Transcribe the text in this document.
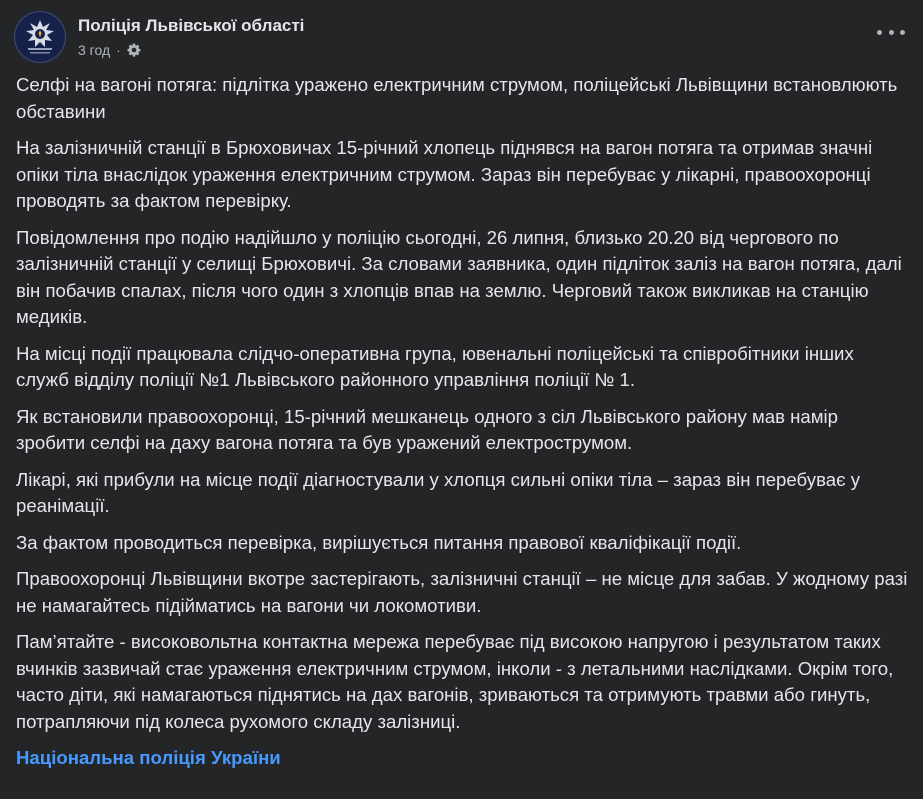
Поліція Львівської області
3 год ·

Селфі на вагоні потяга: підлітка уражено електричним струмом, поліцейські Львівщини встановлюють обставини

На залізничній станції в Брюховичах 15-річний хлопець піднявся на вагон потяга та отримав значні опіки тіла внаслідок ураження електричним струмом. Зараз він перебуває у лікарні, правоохоронці проводять за фактом перевірку.

Повідомлення про подію надійшло у поліцію сьогодні, 26 липня, близько 20.20 від чергового по залізничній станції у селищі Брюховичі. За словами заявника, один підліток заліз на вагон потяга, далі він побачив спалах, після чого один з хлопців впав на землю. Черговий також викликав на станцію медиків.

На місці події працювала слідчо-оперативна група, ювенальні поліцейські та співробітники інших служб відділу поліції №1 Львівського районного управління поліції № 1.

Як встановили правоохоронці, 15-річний мешканець одного з сіл Львівського району мав намір зробити селфі на даху вагона потяга та був уражений електрострумом.

Лікарі, які прибули на місце події діагностували у хлопця сильні опіки тіла – зараз він перебуває у реанімації.

За фактом проводиться перевірка, вирішується питання правової кваліфікації події.

Правоохоронці Львівщини вкотре застерігають, залізничні станції – не місце для забав. У жодному разі не намагайтесь підійматись на вагони чи локомотиви.

Пам’ятайте - високовольтна контактна мережа перебуває під високою напругою і результатом таких вчинків зазвичай стає ураження електричним струмом, інколи - з летальними наслідками. Окрім того, часто діти, які намагаються піднятись на дах вагонів, зриваються та отримують травми або гинуть, потрапляючи під колеса рухомого складу залізниці.

Національна поліція України
